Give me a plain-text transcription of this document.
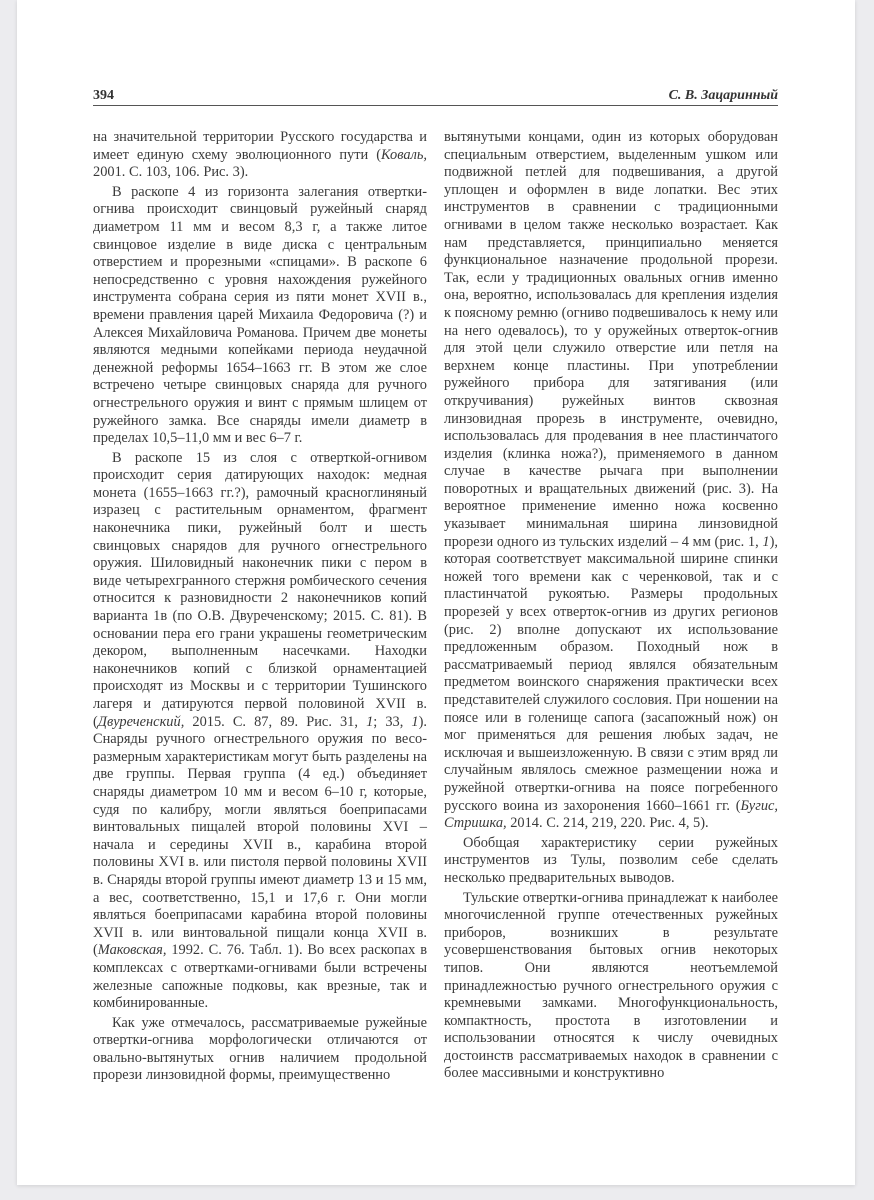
394	С. В. Зацаринный

на значительной территории Русского государства и имеет единую схему эволюционного пути (Коваль, 2001. С. 103, 106. Рис. 3).

В раскопе 4 из горизонта залегания отвертки-огнива происходит свинцовый ружейный снаряд диаметром 11 мм и весом 8,3 г, а также литое свинцовое изделие в виде диска с центральным отверстием и прорезными «спицами». В раскопе 6 непосредственно с уровня нахождения ружейного инструмента собрана серия из пяти монет XVII в., времени правления царей Михаила Федоровича (?) и Алексея Михайловича Романова. Причем две монеты являются медными копейками периода неудачной денежной реформы 1654–1663 гг. В этом же слое встречено четыре свинцовых снаряда для ручного огнестрельного оружия и винт с прямым шлицем от ружейного замка. Все снаряды имели диаметр в пределах 10,5–11,0 мм и вес 6–7 г.

В раскопе 15 из слоя с отверткой-огнивом происходит серия датирующих находок: медная монета (1655–1663 гг.?), рамочный красноглиняный изразец с растительным орнаментом, фрагмент наконечника пики, ружейный болт и шесть свинцовых снарядов для ручного огнестрельного оружия. Шиловидный наконечник пики с пером в виде четырехгранного стержня ромбического сечения относится к разновидности 2 наконечников копий варианта 1в (по О.В. Двуреченскому; 2015. С. 81). В основании пера его грани украшены геометрическим декором, выполненным насечками. Находки наконечников копий с близкой орнаментацией происходят из Москвы и с территории Тушинского лагеря и датируются первой половиной XVII в. (Двуреченский, 2015. С. 87, 89. Рис. 31, 1; 33, 1). Снаряды ручного огнестрельного оружия по весо-размерным характеристикам могут быть разделены на две группы. Первая группа (4 ед.) объединяет снаряды диаметром 10 мм и весом 6–10 г, которые, судя по калибру, могли являться боеприпасами винтовальных пищалей второй половины XVI – начала и середины XVII в., карабина второй половины XVI в. или пистоля первой половины XVII в. Снаряды второй группы имеют диаметр 13 и 15 мм, а вес, соответственно, 15,1 и 17,6 г. Они могли являться боеприпасами карабина второй половины XVII в. или винтовальной пищали конца XVII в. (Маковская, 1992. С. 76. Табл. 1). Во всех раскопах в комплексах с отвертками-огнивами были встречены железные сапожные подковы, как врезные, так и комбинированные.

Как уже отмечалось, рассматриваемые ружейные отвертки-огнива морфологически отличаются от овально-вытянутых огнив наличием продольной прорези линзовидной формы, преимущественно

вытянутыми концами, один из которых оборудован специальным отверстием, выделенным ушком или подвижной петлей для подвешивания, а другой уплощен и оформлен в виде лопатки. Вес этих инструментов в сравнении с традиционными огнивами в целом также несколько возрастает. Как нам представляется, принципиально меняется функциональное назначение продольной прорези. Так, если у традиционных овальных огнив именно она, вероятно, использовалась для крепления изделия к поясному ремню (огниво подвешивалось к нему или на него одевалось), то у оружейных отверток-огнив для этой цели служило отверстие или петля на верхнем конце пластины. При употреблении ружейного прибора для затягивания (или откручивания) ружейных винтов сквозная линзовидная прорезь в инструменте, очевидно, использовалась для продевания в нее пластинчатого изделия (клинка ножа?), применяемого в данном случае в качестве рычага при выполнении поворотных и вращательных движений (рис. 3). На вероятное применение именно ножа косвенно указывает минимальная ширина линзовидной прорези одного из тульских изделий – 4 мм (рис. 1, 1), которая соответствует максимальной ширине спинки ножей того времени как с черенковой, так и с пластинчатой рукоятью. Размеры продольных прорезей у всех отверток-огнив из других регионов (рис. 2) вполне допускают их использование предложенным образом. Походный нож в рассматриваемый период являлся обязательным предметом воинского снаряжения практически всех представителей служилого сословия. При ношении на поясе или в голенище сапога (засапожный нож) он мог применяться для решения любых задач, не исключая и вышеизложенную. В связи с этим вряд ли случайным являлось смежное размещении ножа и ружейной отвертки-огнива на поясе погребенного русского воина из захоронения 1660–1661 гг. (Бугис, Стришка, 2014. С. 214, 219, 220. Рис. 4, 5).

Обобщая характеристику серии ружейных инструментов из Тулы, позволим себе сделать несколько предварительных выводов.

Тульские отвертки-огнива принадлежат к наиболее многочисленной группе отечественных ружейных приборов, возникших в результате усовершенствования бытовых огнив некоторых типов. Они являются неотъемлемой принадлежностью ручного огнестрельного оружия с кремневыми замками. Многофункциональность, компактность, простота в изготовлении и использовании относятся к числу очевидных достоинств рассматриваемых находок в сравнении с более массивными и конструктивно
